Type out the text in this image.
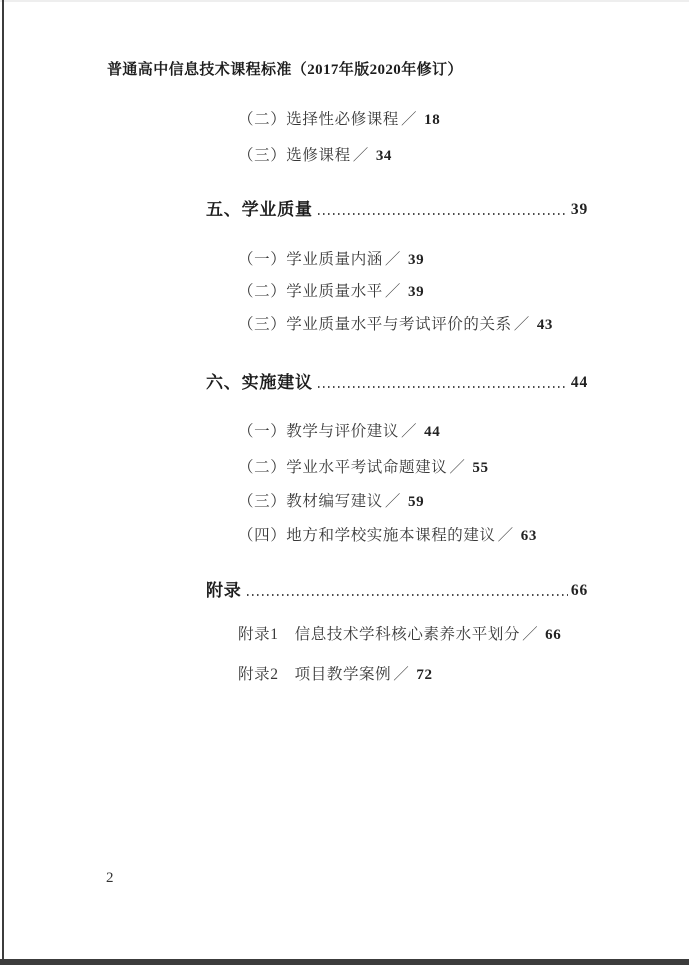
普通高中信息技术课程标准（2017年版2020年修订）
（二）选择性必修课程 ／ 18
（三）选修课程 ／ 34
五、学业质量	39
（一）学业质量内涵 ／ 39
（二）学业质量水平 ／ 39
（三）学业质量水平与考试评价的关系 ／ 43
六、实施建议	44
（一）教学与评价建议 ／ 44
（二）学业水平考试命题建议 ／ 55
（三）教材编写建议 ／ 59
（四）地方和学校实施本课程的建议 ／ 63
附录	66
附录1　信息技术学科核心素养水平划分 ／ 66
附录2　项目教学案例 ／ 72
2
